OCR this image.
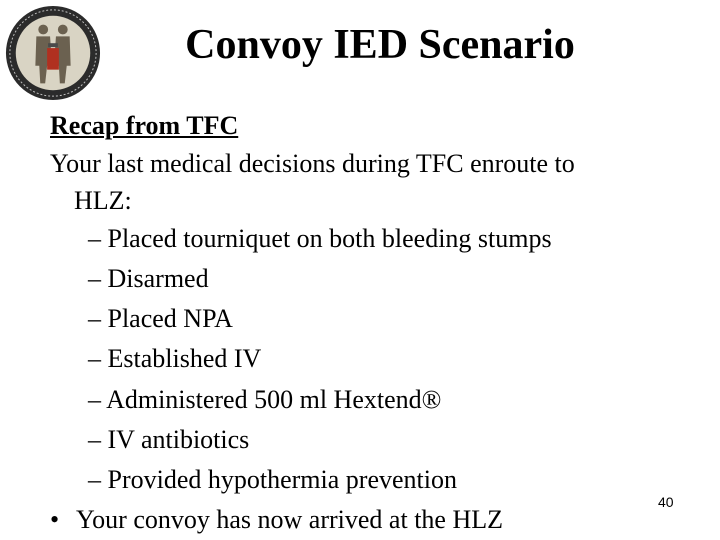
Convoy IED Scenario
Recap from TFC
Your last medical decisions during TFC enroute to
HLZ:
– Placed tourniquet on both bleeding stumps
– Disarmed
– Placed NPA
– Established IV
– Administered 500 ml Hextend®
– IV antibiotics
– Provided hypothermia prevention
• Your convoy has now arrived at the HLZ
40
